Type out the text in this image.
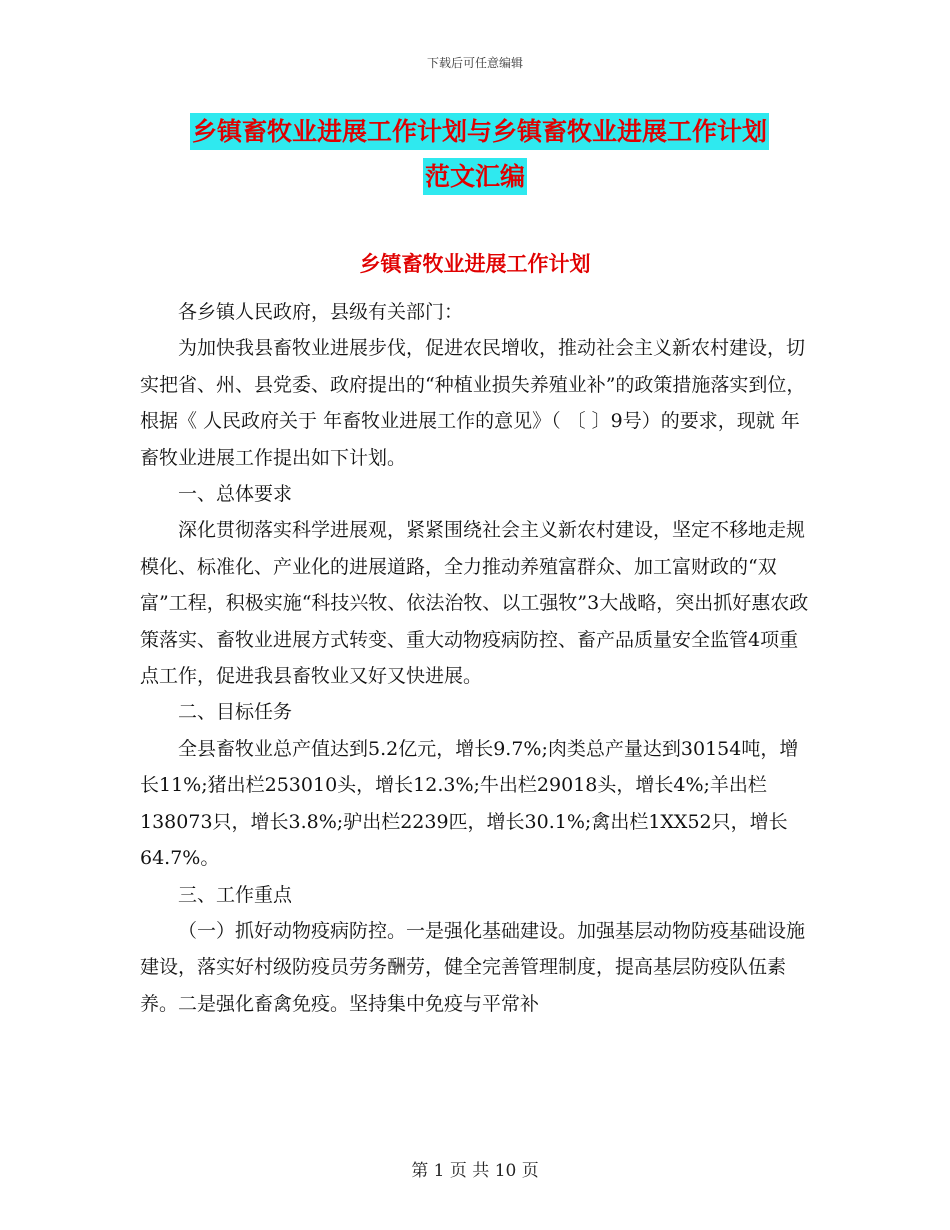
下载后可任意编辑
乡镇畜牧业进展工作计划与乡镇畜牧业进展工作计划
范文汇编
乡镇畜牧业进展工作计划

各乡镇人民政府，县级有关部门：

为加快我县畜牧业进展步伐，促进农民增收，推动社会主义新农村建设，切实把省、州、县党委、政府提出的“种植业损失养殖业补”的政策措施落实到位，根据《 人民政府关于 年畜牧业进展工作的意见》（ 〔 〕9号）的要求，现就 年畜牧业进展工作提出如下计划。

一、总体要求

深化贯彻落实科学进展观，紧紧围绕社会主义新农村建设，坚定不移地走规模化、标准化、产业化的进展道路，全力推动养殖富群众、加工富财政的“双富”工程，积极实施“科技兴牧、依法治牧、以工强牧”3大战略，突出抓好惠农政策落实、畜牧业进展方式转变、重大动物疫病防控、畜产品质量安全监管4项重点工作，促进我县畜牧业又好又快进展。

二、目标任务

全县畜牧业总产值达到5.2亿元，增长9.7%;肉类总产量达到30154吨，增长11%;猪出栏253010头，增长12.3%;牛出栏29018头，增长4%;羊出栏138073只，增长3.8%;驴出栏2239匹，增长30.1%;禽出栏1XX52只，增长64.7%。

三、工作重点

（一）抓好动物疫病防控。一是强化基础建设。加强基层动物防疫基础设施建设，落实好村级防疫员劳务酬劳，健全完善管理制度，提高基层防疫队伍素养。二是强化畜禽免疫。坚持集中免疫与平常补

第 1 页 共 10 页
